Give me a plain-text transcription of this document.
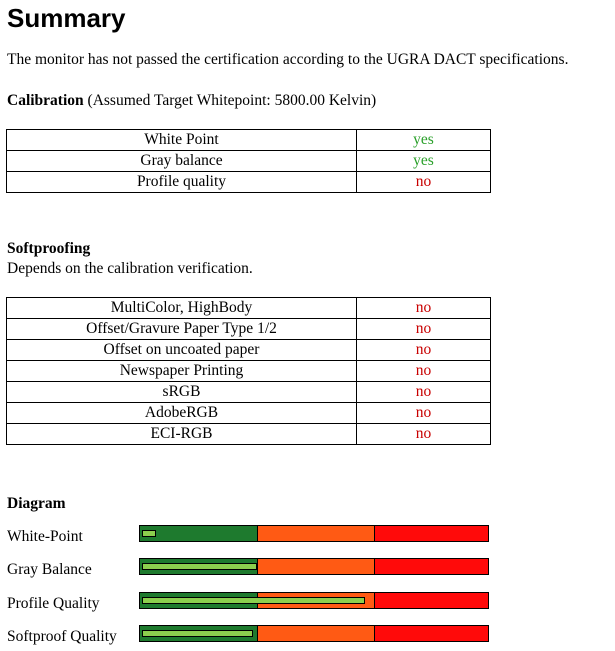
Summary
The monitor has not passed the certification according to the UGRA DACT specifications.
Calibration (Assumed Target Whitepoint: 5800.00 Kelvin)
White Point	yes
Gray balance	yes
Profile quality	no
Softproofing
Depends on the calibration verification.
MultiColor, HighBody	no
Offset/Gravure Paper Type 1/2	no
Offset on uncoated paper	no
Newspaper Printing	no
sRGB	no
AdobeRGB	no
ECI-RGB	no
Diagram
White-Point
Gray Balance
Profile Quality
Softproof Quality
